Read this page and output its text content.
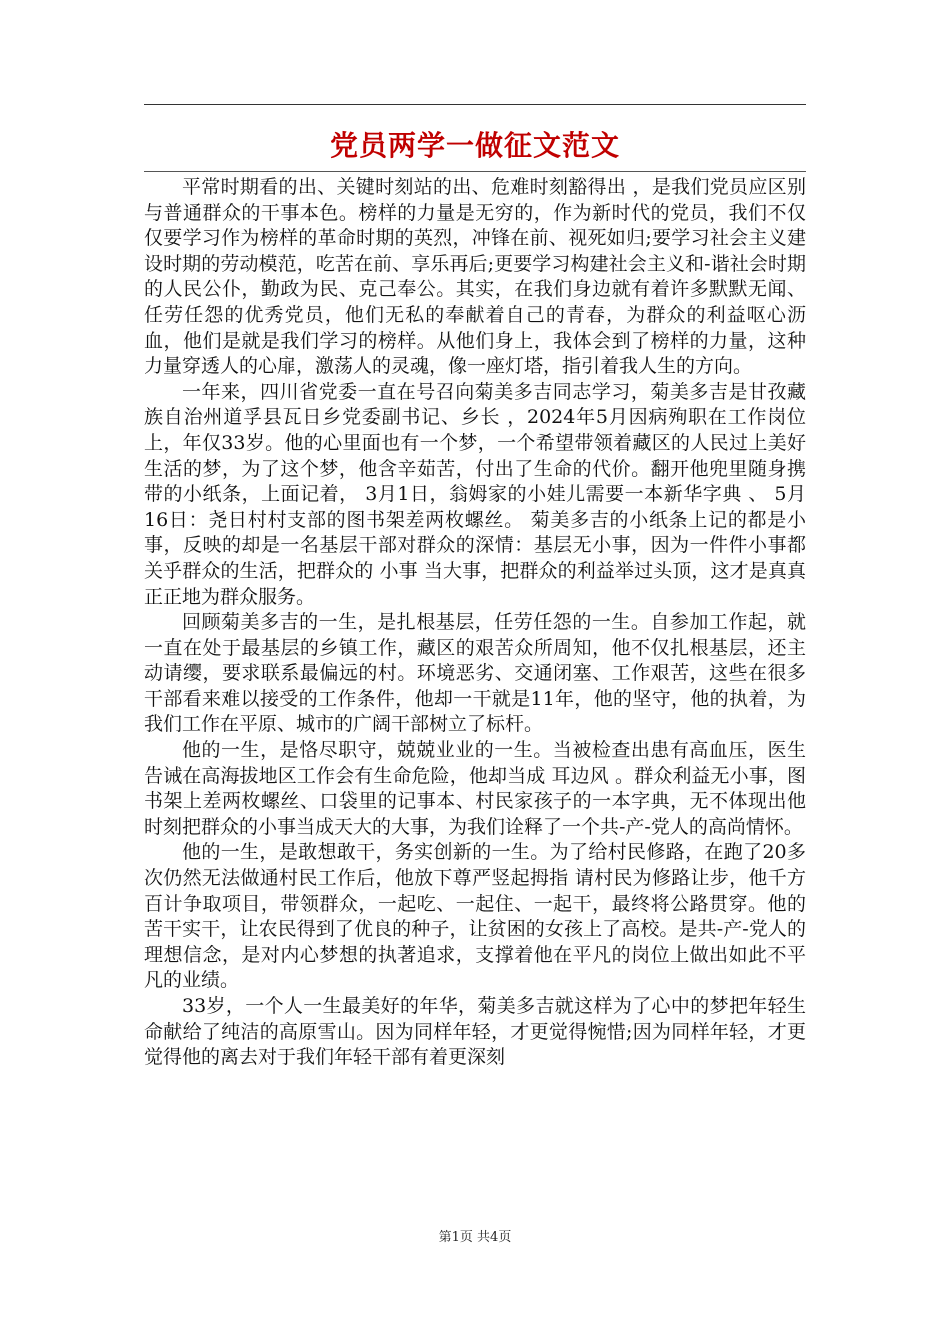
党员两学一做征文范文

平常时期看的出、关键时刻站的出、危难时刻豁得出 ，是我们党员应区别与普通群众的干事本色。榜样的力量是无穷的，作为新时代的党员，我们不仅仅要学习作为榜样的革命时期的英烈，冲锋在前、视死如归;要学习社会主义建设时期的劳动模范，吃苦在前、享乐再后;更要学习构建社会主义和-谐社会时期的人民公仆，勤政为民、克己奉公。其实，在我们身边就有着许多默默无闻、任劳任怨的优秀党员，他们无私的奉献着自己的青春，为群众的利益呕心沥血，他们是就是我们学习的榜样。从他们身上，我体会到了榜样的力量，这种力量穿透人的心扉，激荡人的灵魂，像一座灯塔，指引着我人生的方向。

一年来，四川省党委一直在号召向菊美多吉同志学习，菊美多吉是甘孜藏族自治州道孚县瓦日乡党委副书记、乡长 ，2024年5月因病殉职在工作岗位上，年仅33岁。他的心里面也有一个梦，一个希望带领着藏区的人民过上美好生活的梦，为了这个梦，他含辛茹苦，付出了生命的代价。翻开他兜里随身携带的小纸条，上面记着， 3月1日，翁姆家的小娃儿需要一本新华字典 、 5月16日：尧日村村支部的图书架差两枚螺丝。 菊美多吉的小纸条上记的都是小事，反映的却是一名基层干部对群众的深情：基层无小事，因为一件件小事都关乎群众的生活，把群众的 小事 当大事，把群众的利益举过头顶，这才是真真正正地为群众服务。

回顾菊美多吉的一生，是扎根基层，任劳任怨的一生。自参加工作起，就一直在处于最基层的乡镇工作，藏区的艰苦众所周知，他不仅扎根基层，还主动请缨，要求联系最偏远的村。环境恶劣、交通闭塞、工作艰苦，这些在很多干部看来难以接受的工作条件，他却一干就是11年，他的坚守，他的执着，为我们工作在平原、城市的广阔干部树立了标杆。

他的一生，是恪尽职守，兢兢业业的一生。当被检查出患有高血压，医生告诫在高海拔地区工作会有生命危险，他却当成 耳边风 。群众利益无小事，图书架上差两枚螺丝、口袋里的记事本、村民家孩子的一本字典，无不体现出他时刻把群众的小事当成天大的大事，为我们诠释了一个共-产-党人的高尚情怀。

他的一生，是敢想敢干，务实创新的一生。为了给村民修路，在跑了20多次仍然无法做通村民工作后，他放下尊严竖起拇指 请村民为修路让步，他千方百计争取项目，带领群众，一起吃、一起住、一起干，最终将公路贯穿。他的苦干实干，让农民得到了优良的种子，让贫困的女孩上了高校。是共-产-党人的理想信念，是对内心梦想的执著追求，支撑着他在平凡的岗位上做出如此不平凡的业绩。

33岁，一个人一生最美好的年华，菊美多吉就这样为了心中的梦把年轻生命献给了纯洁的高原雪山。因为同样年轻，才更觉得惋惜;因为同样年轻，才更觉得他的离去对于我们年轻干部有着更深刻

第1页 共4页
